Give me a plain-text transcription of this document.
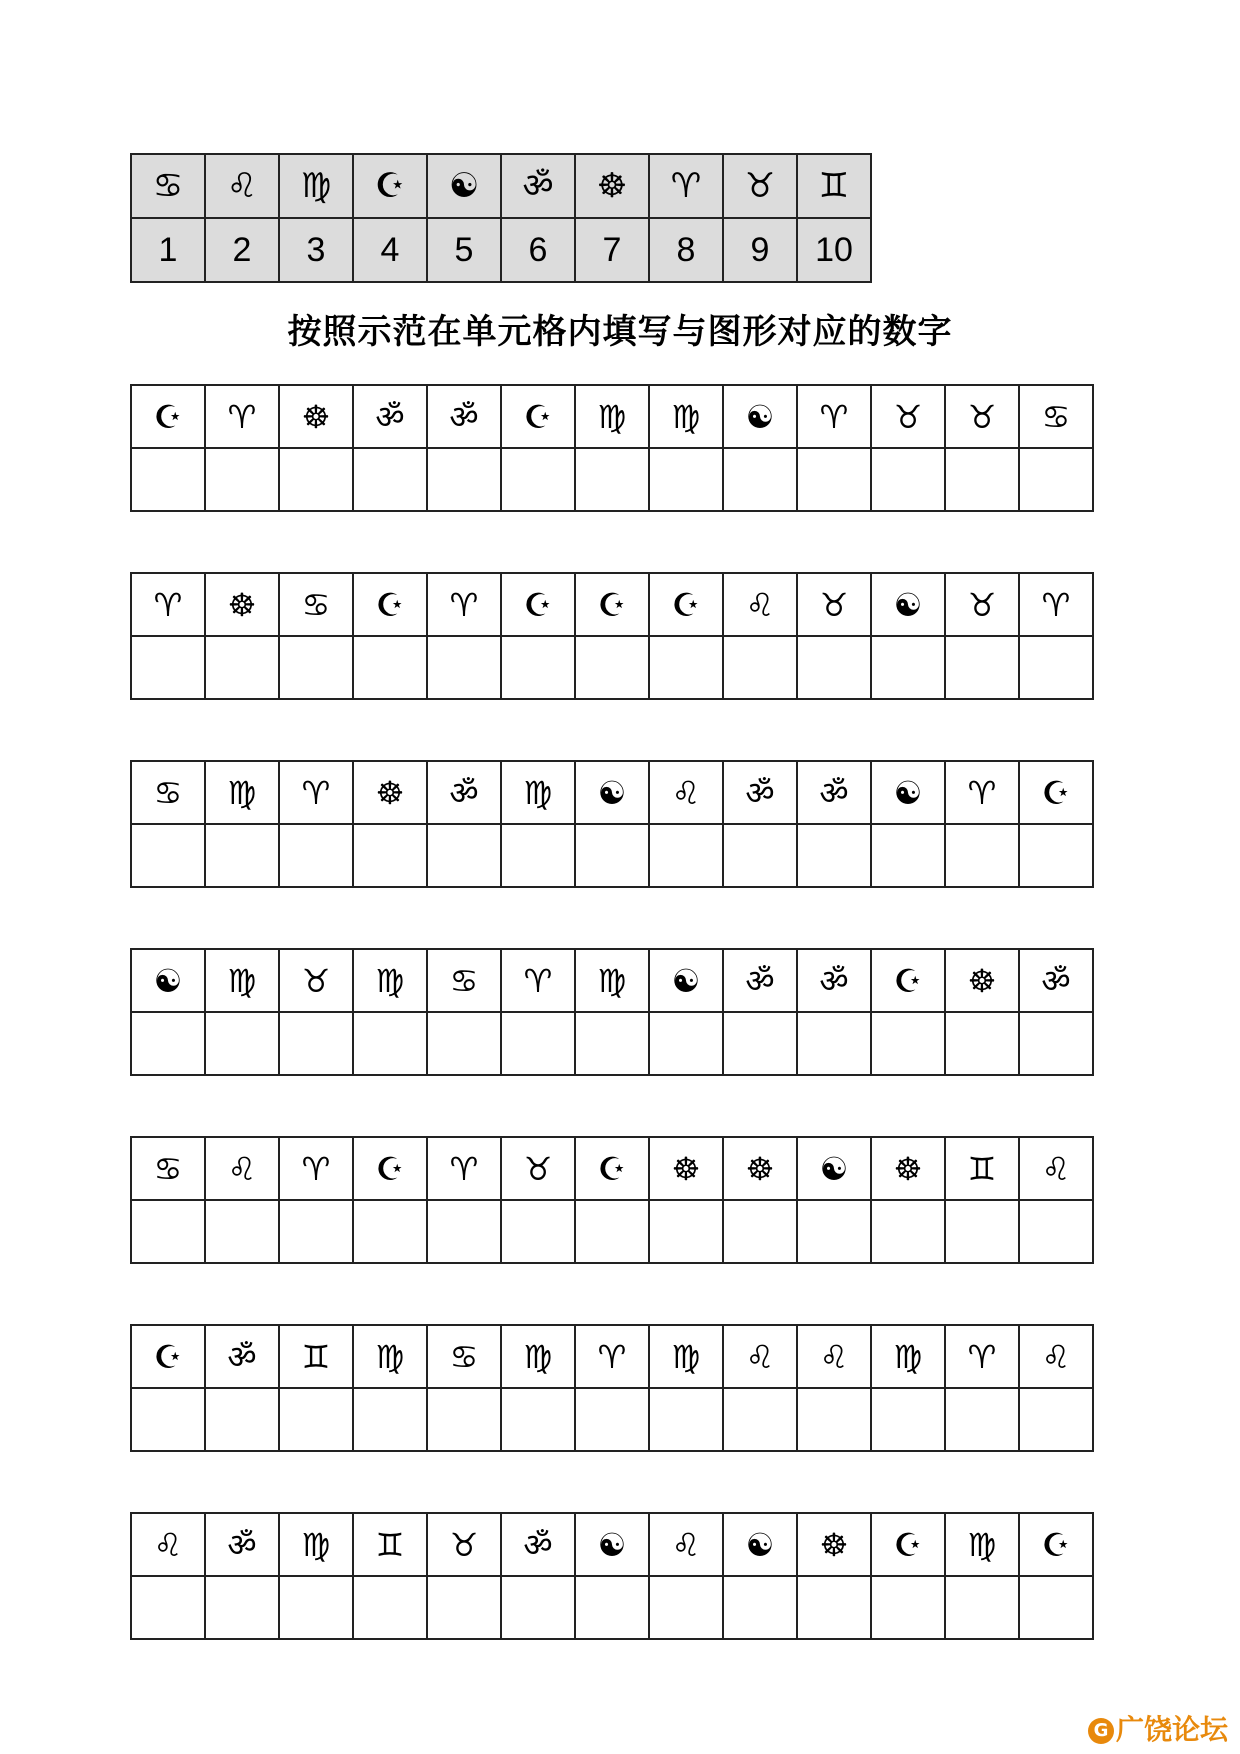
♋	♌	♍	☪	☯	ॐ	☸	♈	♉	♊
1	2	3	4	5	6	7	8	9	10
按照示范在单元格内填写与图形对应的数字
☪	♈	☸	ॐ	ॐ	☪	♍	♍	☯	♈	♉	♉	♋

♈	☸	♋	☪	♈	☪	☪	☪	♌	♉	☯	♉	♈

♋	♍	♈	☸	ॐ	♍	☯	♌	ॐ	ॐ	☯	♈	☪

☯	♍	♉	♍	♋	♈	♍	☯	ॐ	ॐ	☪	☸	ॐ

♋	♌	♈	☪	♈	♉	☪	☸	☸	☯	☸	♊	♌

☪	ॐ	♊	♍	♋	♍	♈	♍	♌	♌	♍	♈	♌

♌	ॐ	♍	♊	♉	ॐ	☯	♌	☯	☸	☪	♍	☪

G 广饶论坛
